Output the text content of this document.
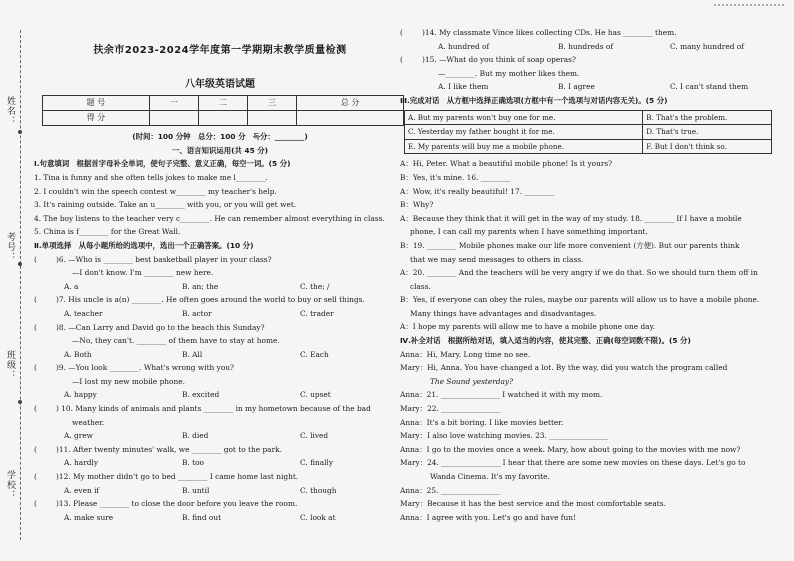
姓名：
考号：
班级：
学校：
扶余市2023-2024学年度第一学期期末教学质量检测
八年级英语试题
题 号	一	二	三	总 分
得 分				
(时间：100 分钟　总分：100 分　득分：________)
一、语言知识运用(共 45 分)
Ⅰ.句意填词　根据首字母补全单词，使句子完整、意义正确，每空一词。(5 分)
1. Tina is funny and she often tells jokes to make me l________.
2. I couldn't win the speech contest w________ my teacher's help.
3. It's raining outside. Take an u________ with you, or you will get wet.
4. The boy listens to the teacher very c________. He can remember almost everything in class.
5. China is f________ for the Great Wall.
Ⅱ.单项选择　从每小题所给的选项中，选出一个正确答案。(10 分)
(	)6. —Who is ________ best basketball player in your class?
—I don't know. I'm ________ new here.
A. a	B. an; the	C. the; /
(	)7. His uncle is a(n) ________. He often goes around the world to buy or sell things.
A. teacher	B. actor	C. trader
(	)8. —Can Larry and David go to the beach this Sunday?
—No, they can't. ________ of them have to stay at home.
A. Both	B. All	C. Each
(	)9. —You look ________. What's wrong with you?
—I lost my new mobile phone.
A. happy	B. excited	C. upset
(	) 10. Many kinds of animals and plants ________ in my hometown because of the bad
weather.
A. grew	B. died	C. lived
(	)11. After twenty minutes' walk, we ________ got to the park.
A. hardly	B. too	C. finally
(	)12. My mother didn't go to bed ________ I came home last night.
A. even if	B. until	C. though
(	)13. Please ________ to close the door before you leave the room.
A. make sure	B. find out	C. look at
(	)14. My classmate Vince likes collecting CDs. He has ________ them.
A. hundred of	B. hundreds of	C. many hundred of
(	)15. —What do you think of soap operas?
—________. But my mother likes them.
A. I like them	B. I agree	C. I can't stand them
Ⅲ.完成对话　从方框中选择正确选项(方框中有一个选项与对话内容无关)。(5 分)
A. But my parents won't buy one for me.	B. That's the problem.
C. Yesterday my father bought it for me.	D. That's true.
E. My parents will buy me a mobile phone.	F. But I don't think so.
A：Hi, Peter. What a beautiful mobile phone! Is it yours?
B：Yes, it's mine. 16. ________
A：Wow, it's really beautiful! 17. ________
B：Why?
A：Because they think that it will get in the way of my study. 18. ________ If I have a mobile
phone, I can call my parents when I have something important.
B：19. ________ Mobile phones make our life more convenient (方便). But our parents think
that we may send messages to others in class.
A：20. ________ And the teachers will be very angry if we do that. So we should turn them off in
class.
B：Yes, if everyone can obey the rules, maybe our parents will allow us to have a mobile phone.
Many things have advantages and disadvantages.
A：I hope my parents will allow me to have a mobile phone one day.
Ⅳ.补全对话　根据所给对话，填入适当的内容，使其完整、正确(每空词数不限)。(5 分)
Anna：Hi, Mary. Long time no see.
Mary：Hi, Anna. You have changed a lot. By the way, did you watch the program called
The Sound yesterday?
Anna：21. ________________ I watched it with my mom.
Mary：22. ________________
Anna：It's a bit boring. I like movies better.
Mary：I also love watching movies. 23. ________________
Anna：I go to the movies once a week. Mary, how about going to the movies with me now?
Mary：24. ________________ I hear that there are some new movies on these days. Let's go to
Wanda Cinema. It's my favorite.
Anna：25. ________________
Mary：Because it has the best service and the most comfortable seats.
Anna：I agree with you. Let's go and have fun!
